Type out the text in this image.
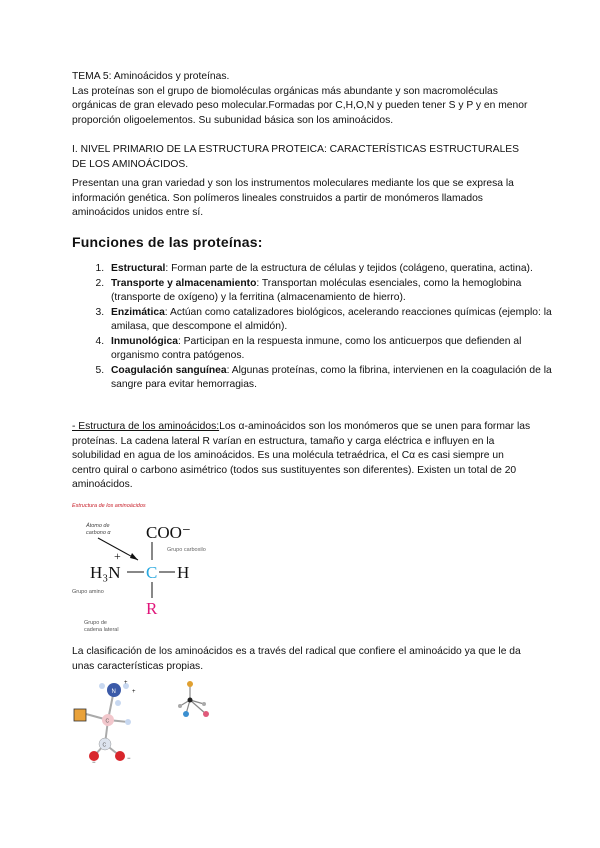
TEMA 5: Aminoácidos y proteínas.

Las proteínas son el grupo de biomoléculas orgánicas más abundante y son macromoléculas orgánicas de gran elevado peso molecular.Formadas por C,H,O,N y pueden tener S y P y en menor proporción oligoelementos. Su subunidad básica son los aminoácidos.

I. NIVEL PRIMARIO DE LA ESTRUCTURA PROTEICA: CARACTERÍSTICAS ESTRUCTURALES DE LOS AMINOÁCIDOS.

Presentan una gran variedad y son los instrumentos moleculares mediante los que se expresa la información genética. Son polímeros lineales construidos a partir de monómeros llamados aminoácidos unidos entre sí.

Funciones de las proteínas:
1. Estructural: Forman parte de la estructura de células y tejidos (colágeno, queratina, actina).
2. Transporte y almacenamiento: Transportan moléculas esenciales, como la hemoglobina (transporte de oxígeno) y la ferritina (almacenamiento de hierro).
3. Enzimática: Actúan como catalizadores biológicos, acelerando reacciones químicas (ejemplo: la amilasa, que descompone el almidón).
4. Inmunológica: Participan en la respuesta inmune, como los anticuerpos que defienden al organismo contra patógenos.
5. Coagulación sanguínea: Algunas proteínas, como la fibrina, intervienen en la coagulación de la sangre para evitar hemorragias.

- Estructura de los aminoácidos:Los α-aminoácidos son los monómeros que se unen para formar las proteínas. La cadena lateral R varían en estructura, tamaño y carga eléctrica e influyen en la solubilidad en agua de los aminoácidos. Es una molécula tetraédrica, el Cα es casi siempre un centro quiral o carbono asimétrico (todos sus sustituyentes son diferentes). Existen un total de 20 aminoácidos.

Estructura de los aminoácidos
Átomo de
carbono α COO⁻
Grupo carboxilo
+
H₃N C H
Grupo amino
R
Grupo de
cadena lateral

La clasificación de los aminoácidos es a través del radical que confiere el aminoácido ya que le da unas características propias.

N
+
+
C
C
−
−
